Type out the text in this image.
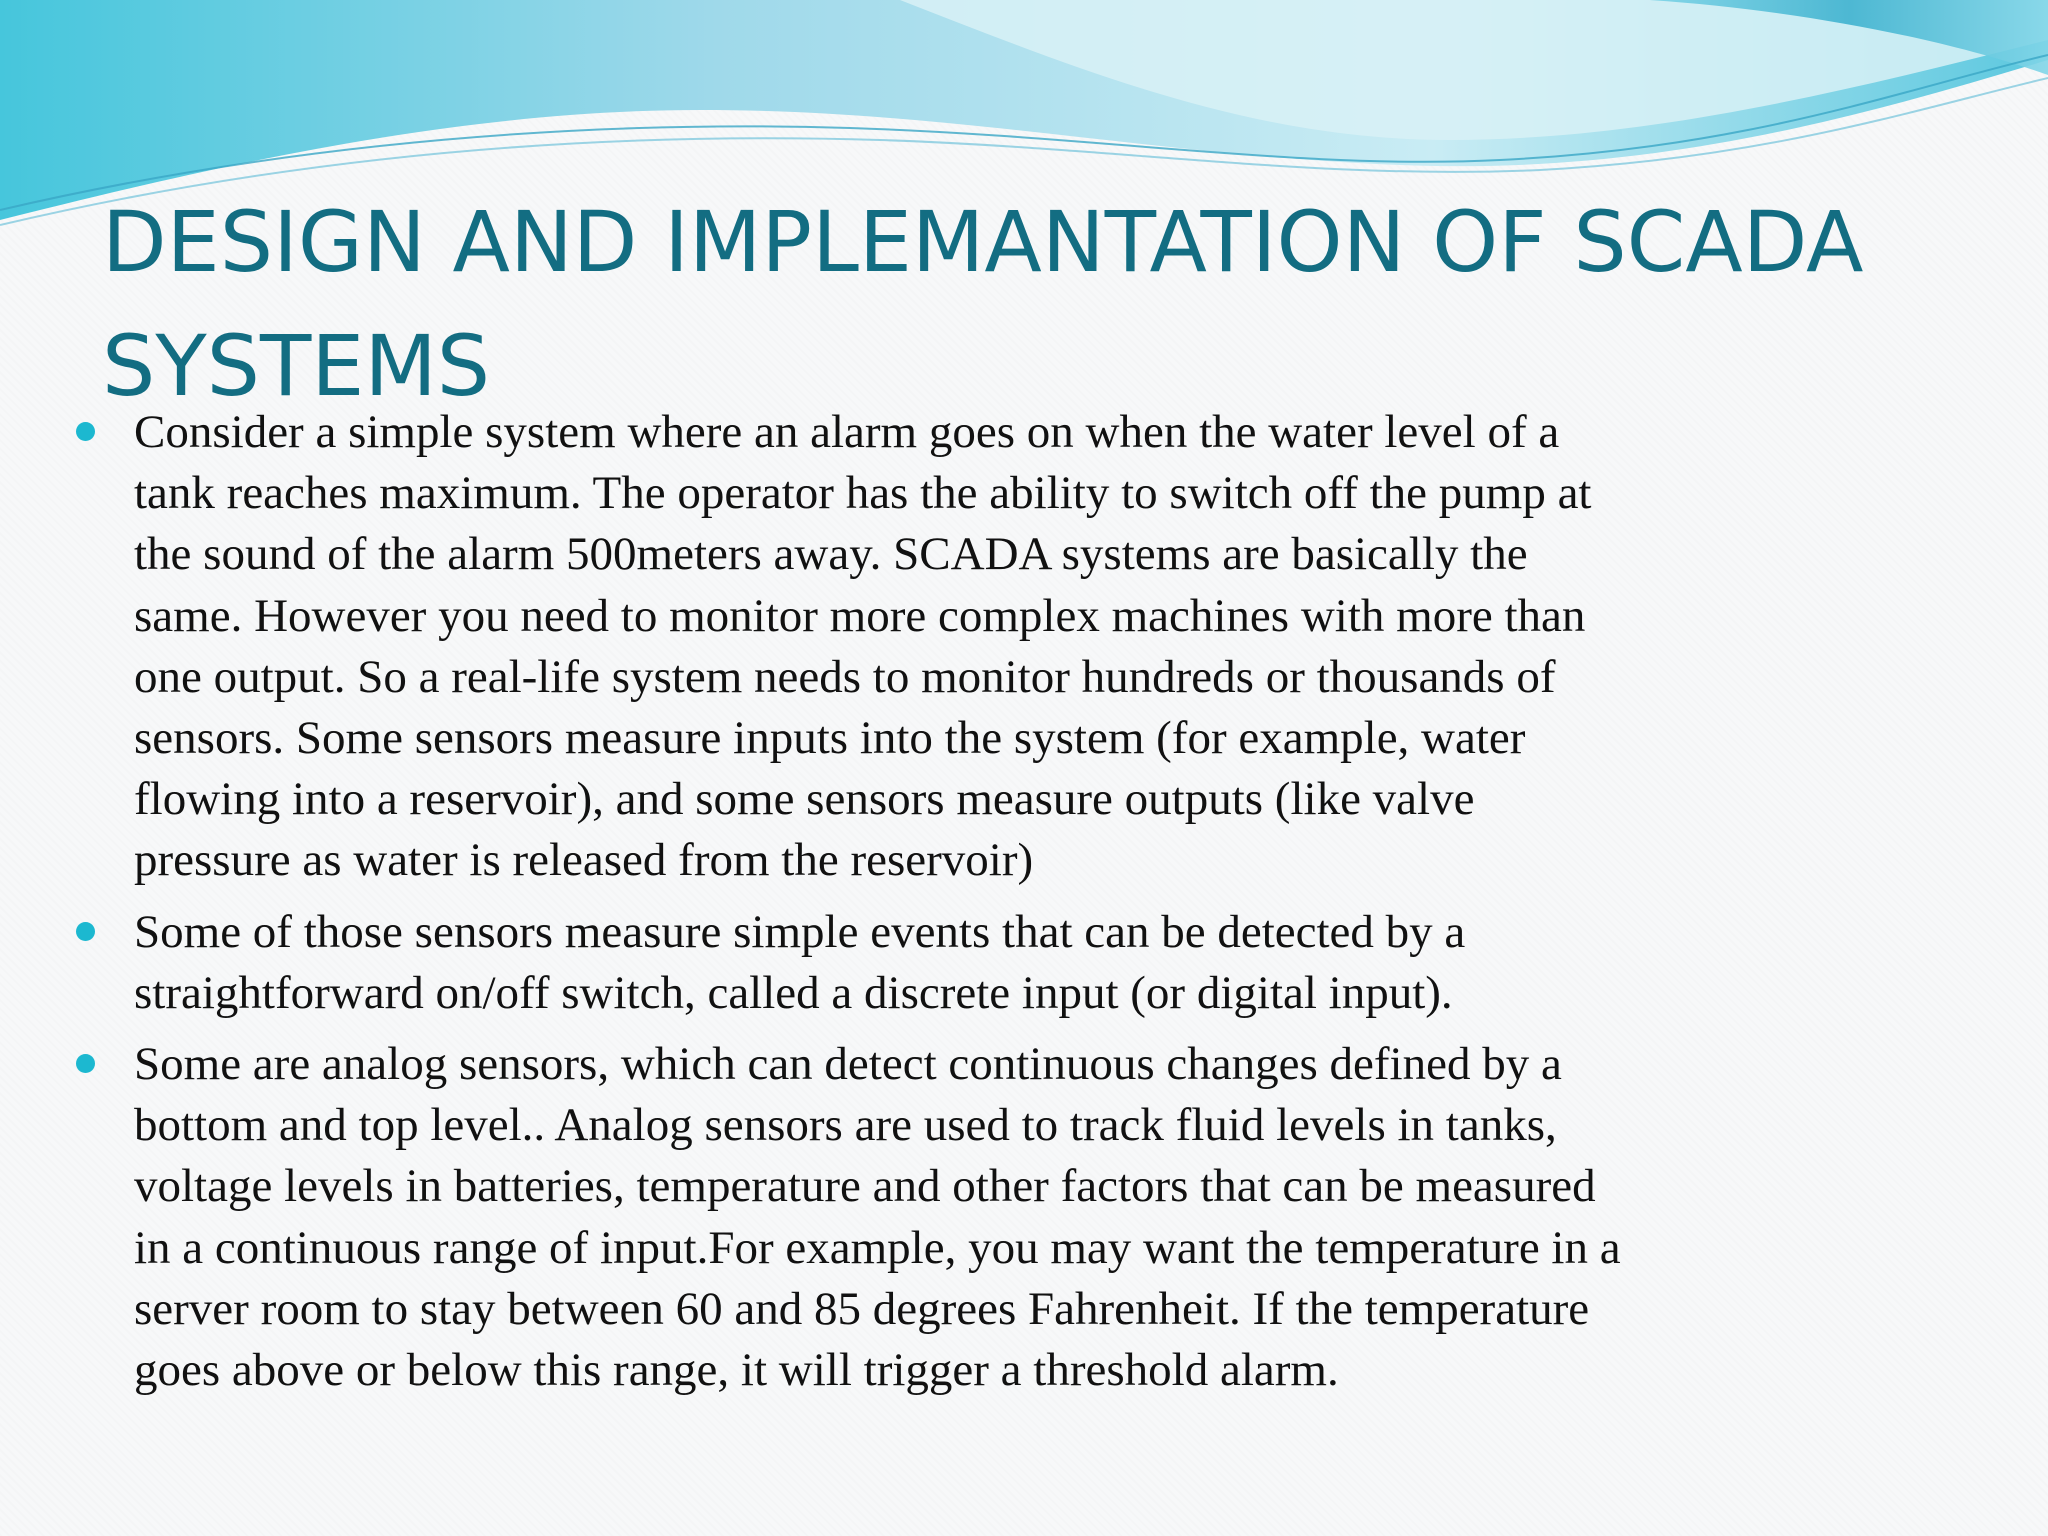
DESIGN AND IMPLEMANTATION OF SCADA
SYSTEMS
Consider a simple system where an alarm goes on when the water level of a
tank reaches maximum. The operator has the ability to switch off the pump at
the sound of the alarm 500meters away. SCADA systems are basically the
same. However you need to monitor more complex machines with more than
one output. So a real-life system needs to monitor hundreds or thousands of
sensors. Some sensors measure inputs into the system (for example, water
flowing into a reservoir), and some sensors measure outputs (like valve
pressure as water is released from the reservoir)
Some of those sensors measure simple events that can be detected by a
straightforward on/off switch, called a discrete input (or digital input).
Some are analog sensors, which can detect continuous changes defined by a
bottom and top level.. Analog sensors are used to track fluid levels in tanks,
voltage levels in batteries, temperature and other factors that can be measured
in a continuous range of input.For example, you may want the temperature in a
server room to stay between 60 and 85 degrees Fahrenheit. If the temperature
goes above or below this range, it will trigger a threshold alarm.
